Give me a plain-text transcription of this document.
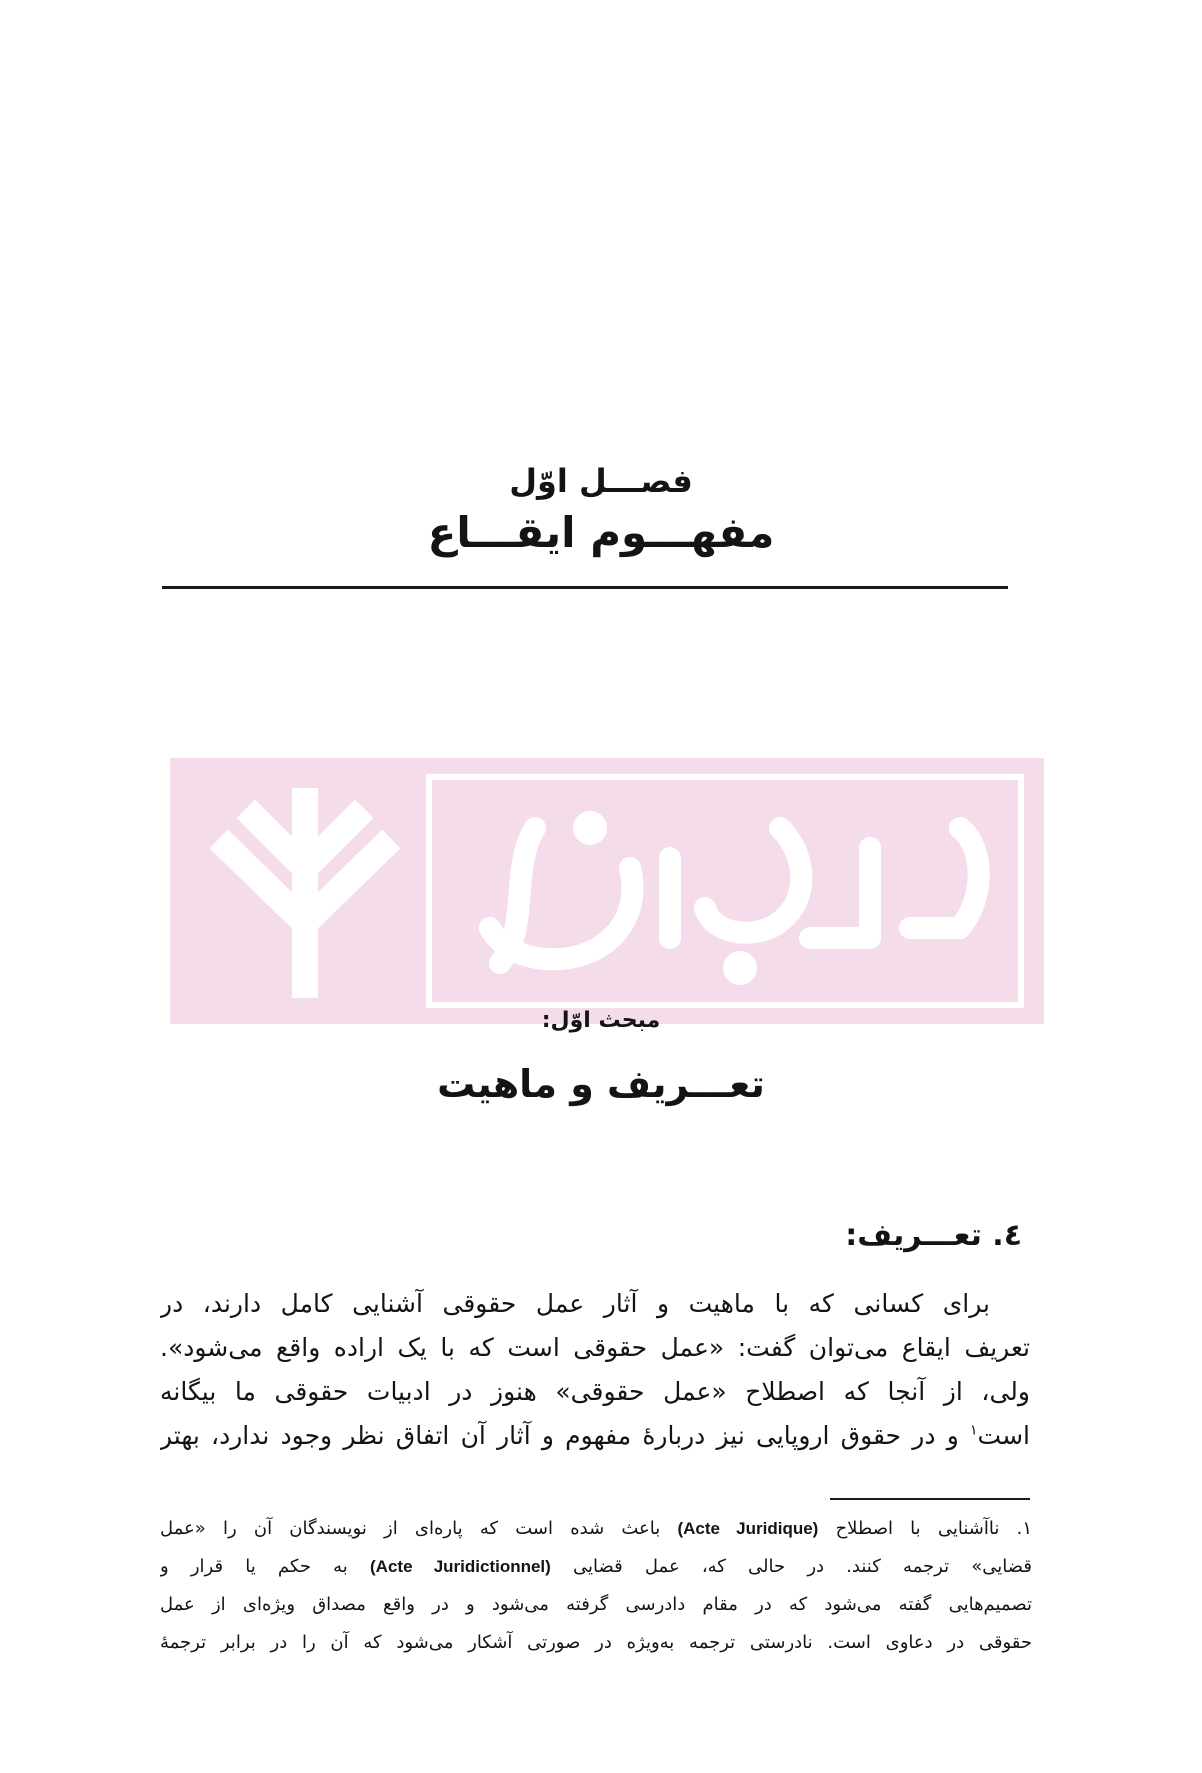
فصـــل اوّل
مفهـــوم ایقـــاع
مبحث اوّل:
تعـــریف و ماهیت
٤. تعـــریف:
برای کسانی که با ماهیت و آثار عمل حقوقی آشنایی کامل دارند، در
تعریف ایقاع می‌توان گفت: «عمل حقوقی است که با یک اراده واقع می‌شود».
ولی، از آنجا که اصطلاح «عمل حقوقی» هنوز در ادبیات حقوقی ما بیگانه
است$^١$ و در حقوق اروپایی نیز دربارهٔ مفهوم و آثار آن اتفاق نظر وجود ندارد، بهتر
١. ناآشنایی با اصطلاح (Acte Juridique) باعث شده است که پاره‌ای از نویسندگان آن را «عمل
قضایی» ترجمه کنند. در حالی که، عمل قضایی (Acte Juridictionnel) به حکم یا قرار و
تصمیم‌هایی گفته می‌شود که در مقام دادرسی گرفته می‌شود و در واقع مصداق ویژه‌ای از عمل
حقوقی در دعاوی است. نادرستی ترجمه به‌ویژه در صورتی آشکار می‌شود که آن را در برابر ترجمهٔ
